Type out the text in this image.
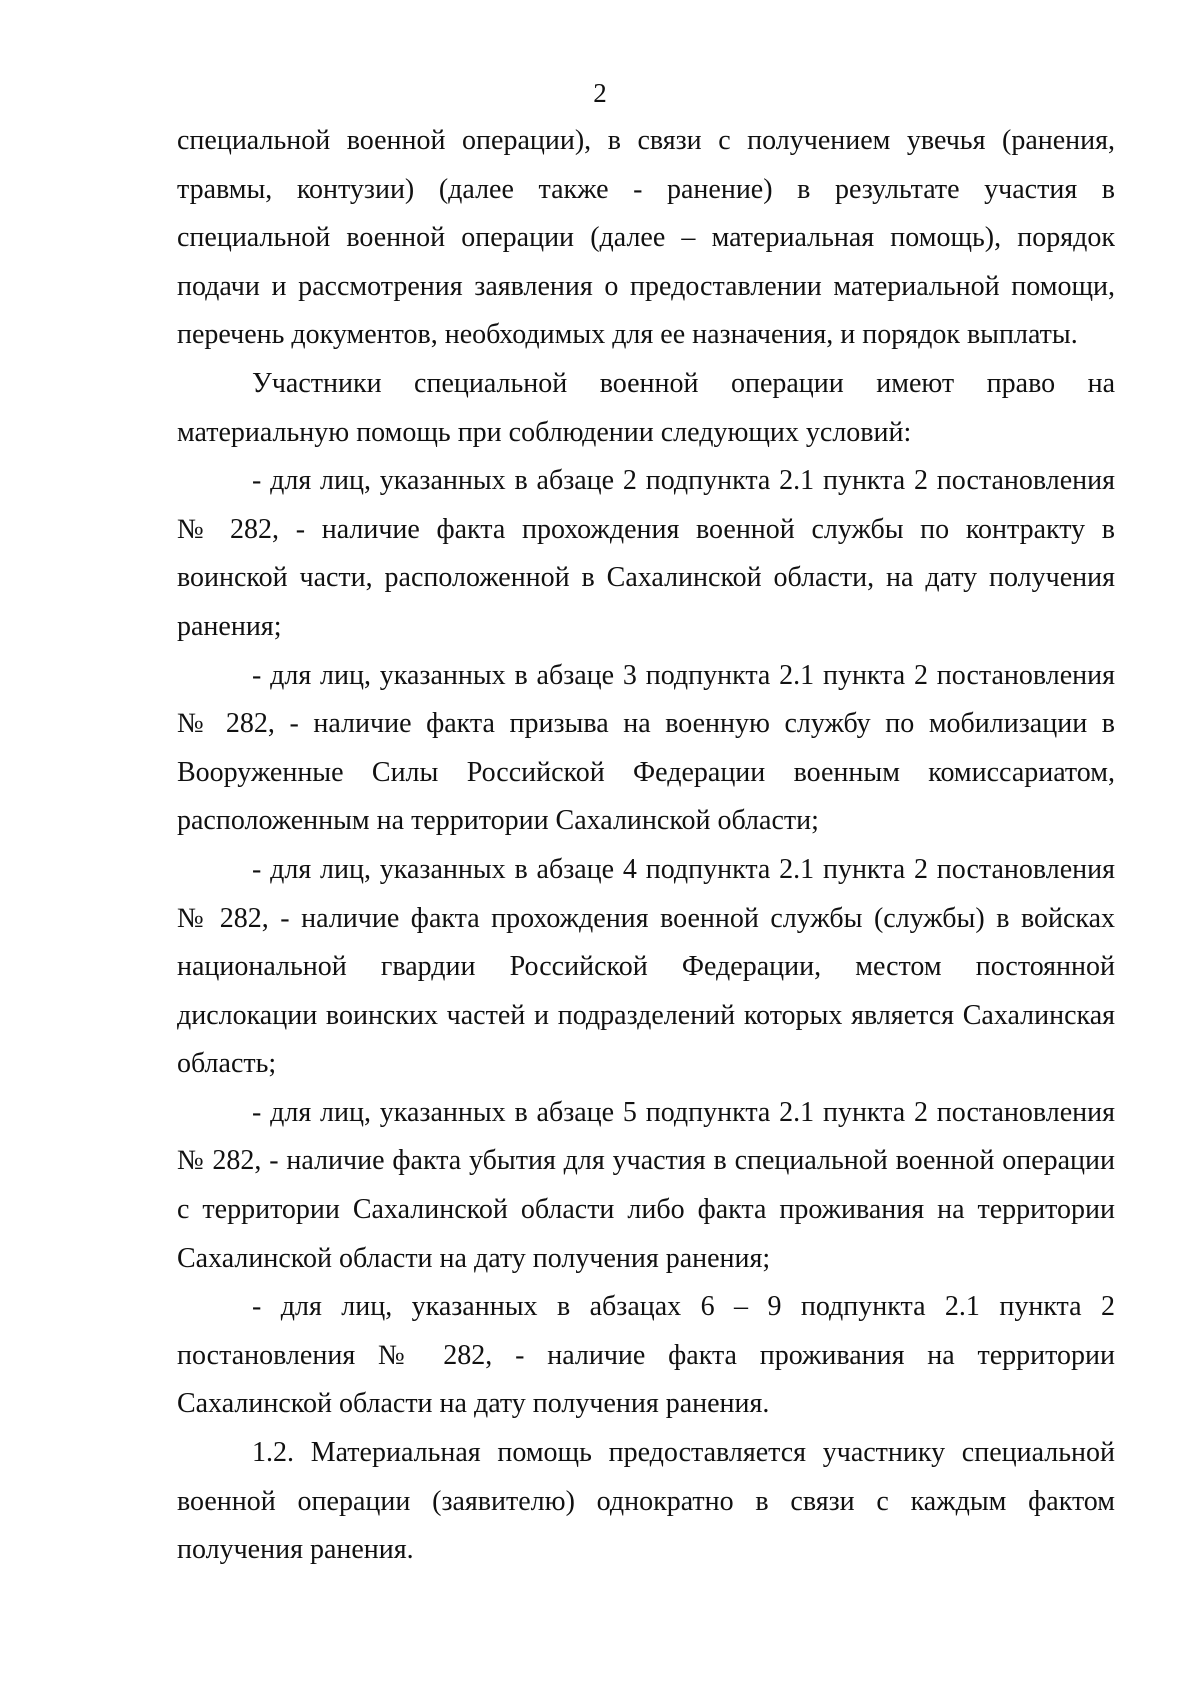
2

специальной военной операции), в связи с получением увечья (ранения, травмы, контузии) (далее также - ранение) в результате участия в специальной военной операции (далее – материальная помощь), порядок подачи и рассмотрения заявления о предоставлении материальной помощи, перечень документов, необходимых для ее назначения, и порядок выплаты.

Участники специальной военной операции имеют право на материальную помощь при соблюдении следующих условий:

- для лиц, указанных в абзаце 2 подпункта 2.1 пункта 2 постановления № 282, - наличие факта прохождения военной службы по контракту в воинской части, расположенной в Сахалинской области, на дату получения ранения;

- для лиц, указанных в абзаце 3 подпункта 2.1 пункта 2 постановления № 282, - наличие факта призыва на военную службу по мобилизации в Вооруженные Силы Российской Федерации военным комиссариатом, расположенным на территории Сахалинской области;

- для лиц, указанных в абзаце 4 подпункта 2.1 пункта 2 постановления № 282, - наличие факта прохождения военной службы (службы) в войсках национальной гвардии Российской Федерации, местом постоянной дислокации воинских частей и подразделений которых является Сахалинская область;

- для лиц, указанных в абзаце 5 подпункта 2.1 пункта 2 постановления № 282, - наличие факта убытия для участия в специальной военной операции с территории Сахалинской области либо факта проживания на территории Сахалинской области на дату получения ранения;

- для лиц, указанных в абзацах 6 – 9 подпункта 2.1 пункта 2 постановления № 282, - наличие факта проживания на территории Сахалинской области на дату получения ранения.

1.2. Материальная помощь предоставляется участнику специальной военной операции (заявителю) однократно в связи с каждым фактом получения ранения.
